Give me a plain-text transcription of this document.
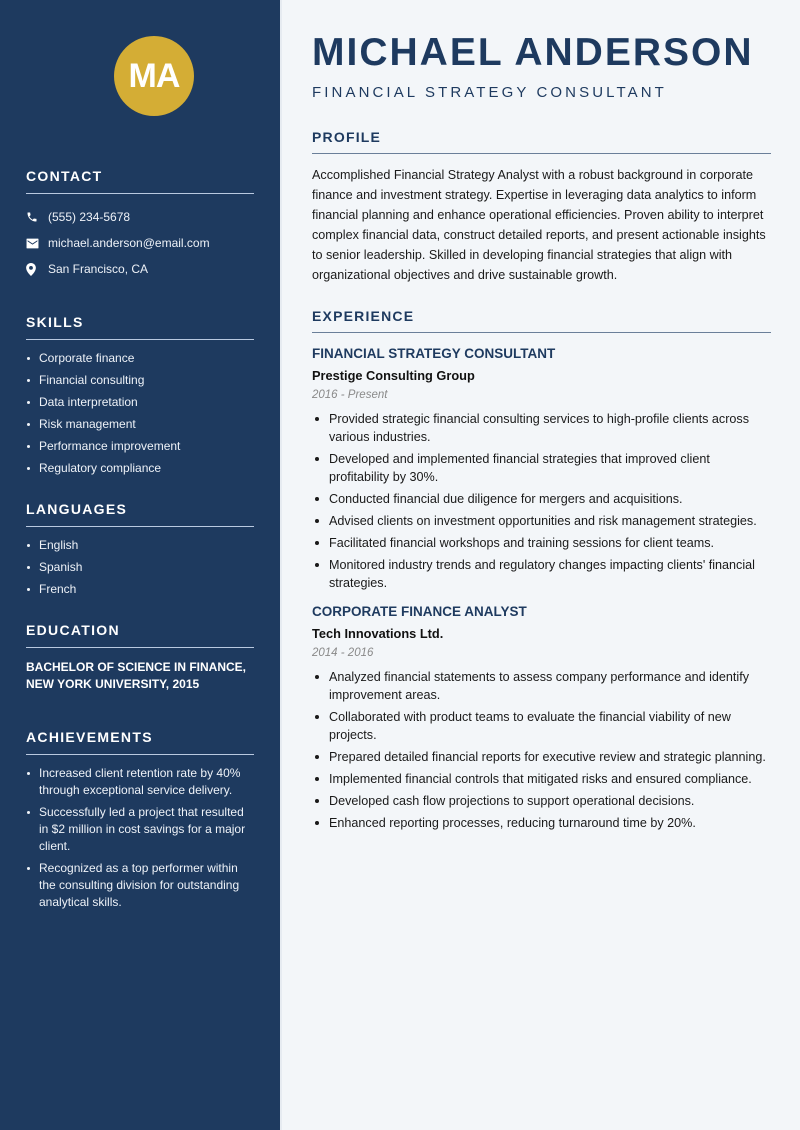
MA
CONTACT
(555) 234-5678
michael.anderson@email.com
San Francisco, CA
SKILLS
Corporate finance
Financial consulting
Data interpretation
Risk management
Performance improvement
Regulatory compliance
LANGUAGES
English
Spanish
French
EDUCATION
BACHELOR OF SCIENCE IN FINANCE,
NEW YORK UNIVERSITY, 2015
ACHIEVEMENTS
Increased client retention rate by 40% through exceptional service delivery.
Successfully led a project that resulted in $2 million in cost savings for a major client.
Recognized as a top performer within the consulting division for outstanding analytical skills.
MICHAEL ANDERSON
FINANCIAL STRATEGY CONSULTANT
PROFILE

Accomplished Financial Strategy Analyst with a robust background in corporate finance and investment strategy. Expertise in leveraging data analytics to inform financial planning and enhance operational efficiencies. Proven ability to interpret complex financial data, construct detailed reports, and present actionable insights to senior leadership. Skilled in developing financial strategies that align with organizational objectives and drive sustainable growth.

EXPERIENCE
FINANCIAL STRATEGY CONSULTANT
Prestige Consulting Group
2016 - Present
Provided strategic financial consulting services to high-profile clients across various industries.
Developed and implemented financial strategies that improved client profitability by 30%.
Conducted financial due diligence for mergers and acquisitions.
Advised clients on investment opportunities and risk management strategies.
Facilitated financial workshops and training sessions for client teams.
Monitored industry trends and regulatory changes impacting clients' financial strategies.
CORPORATE FINANCE ANALYST
Tech Innovations Ltd.
2014 - 2016
Analyzed financial statements to assess company performance and identify improvement areas.
Collaborated with product teams to evaluate the financial viability of new projects.
Prepared detailed financial reports for executive review and strategic planning.
Implemented financial controls that mitigated risks and ensured compliance.
Developed cash flow projections to support operational decisions.
Enhanced reporting processes, reducing turnaround time by 20%.
